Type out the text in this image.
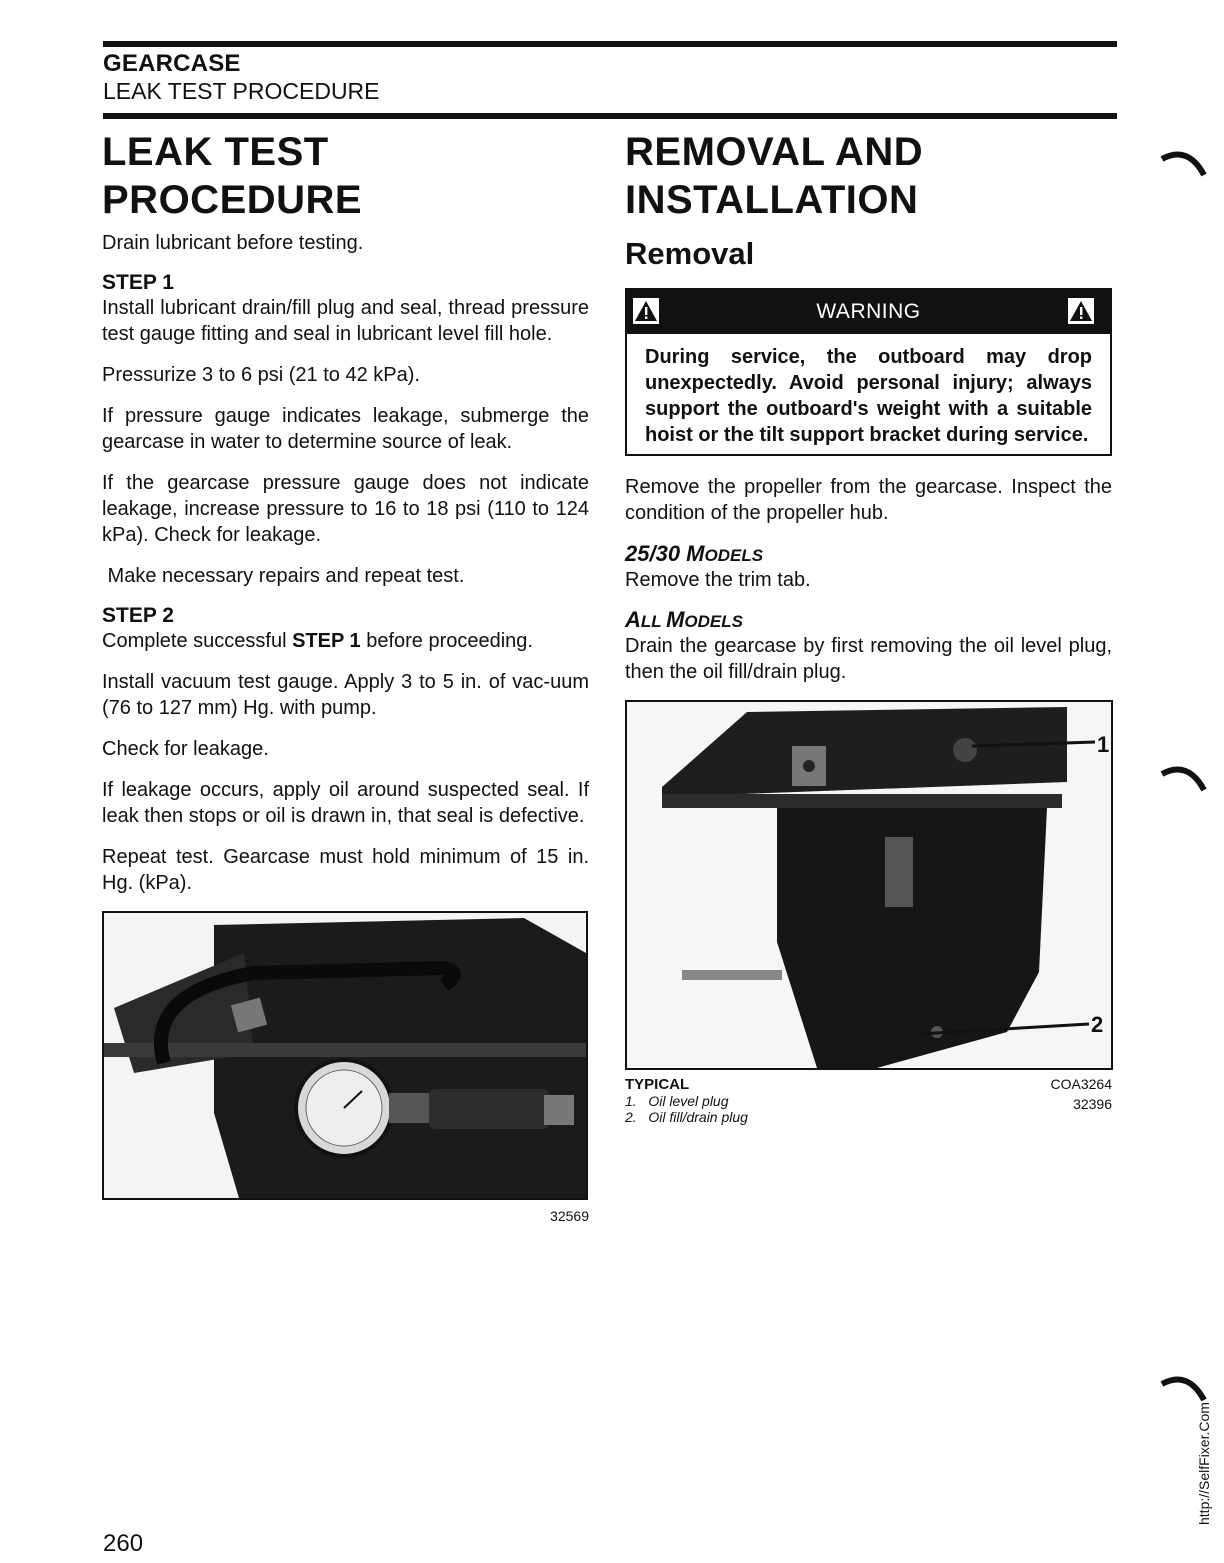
GEARCASE
LEAK TEST PROCEDURE
LEAK TEST
PROCEDURE

Drain lubricant before testing.

STEP 1

Install lubricant drain/fill plug and seal, thread pressure test gauge fitting and seal in lubricant level fill hole.

Pressurize 3 to 6 psi (21 to 42 kPa).

If pressure gauge indicates leakage, submerge the gearcase in water to determine source of leak.

If the gearcase pressure gauge does not indicate leakage, increase pressure to 16 to 18 psi (110 to 124 kPa). Check for leakage.

Make necessary repairs and repeat test.

STEP 2

Complete successful STEP 1 before proceeding.

Install vacuum test gauge. Apply 3 to 5 in. of vac-uum (76 to 127 mm) Hg. with pump.

Check for leakage.

If leakage occurs, apply oil around suspected seal. If leak then stops or oil is drawn in, that seal is defective.

Repeat test. Gearcase must hold minimum of 15 in. Hg. (kPa).

32569
REMOVAL AND
INSTALLATION
Removal
WARNING
During service, the outboard may drop unexpectedly. Avoid personal injury; always support the outboard's weight with a suitable hoist or the tilt support bracket during service.

Remove the propeller from the gearcase. Inspect the condition of the propeller hub.

25/30 MODELS

Remove the trim tab.

ALL MODELS

Drain the gearcase by first removing the oil level plug, then the oil fill/drain plug.

1
2
TYPICAL
1.   Oil level plug
2.   Oil fill/drain plug
COA3264
32396
260
http://SelfFixer.Com
